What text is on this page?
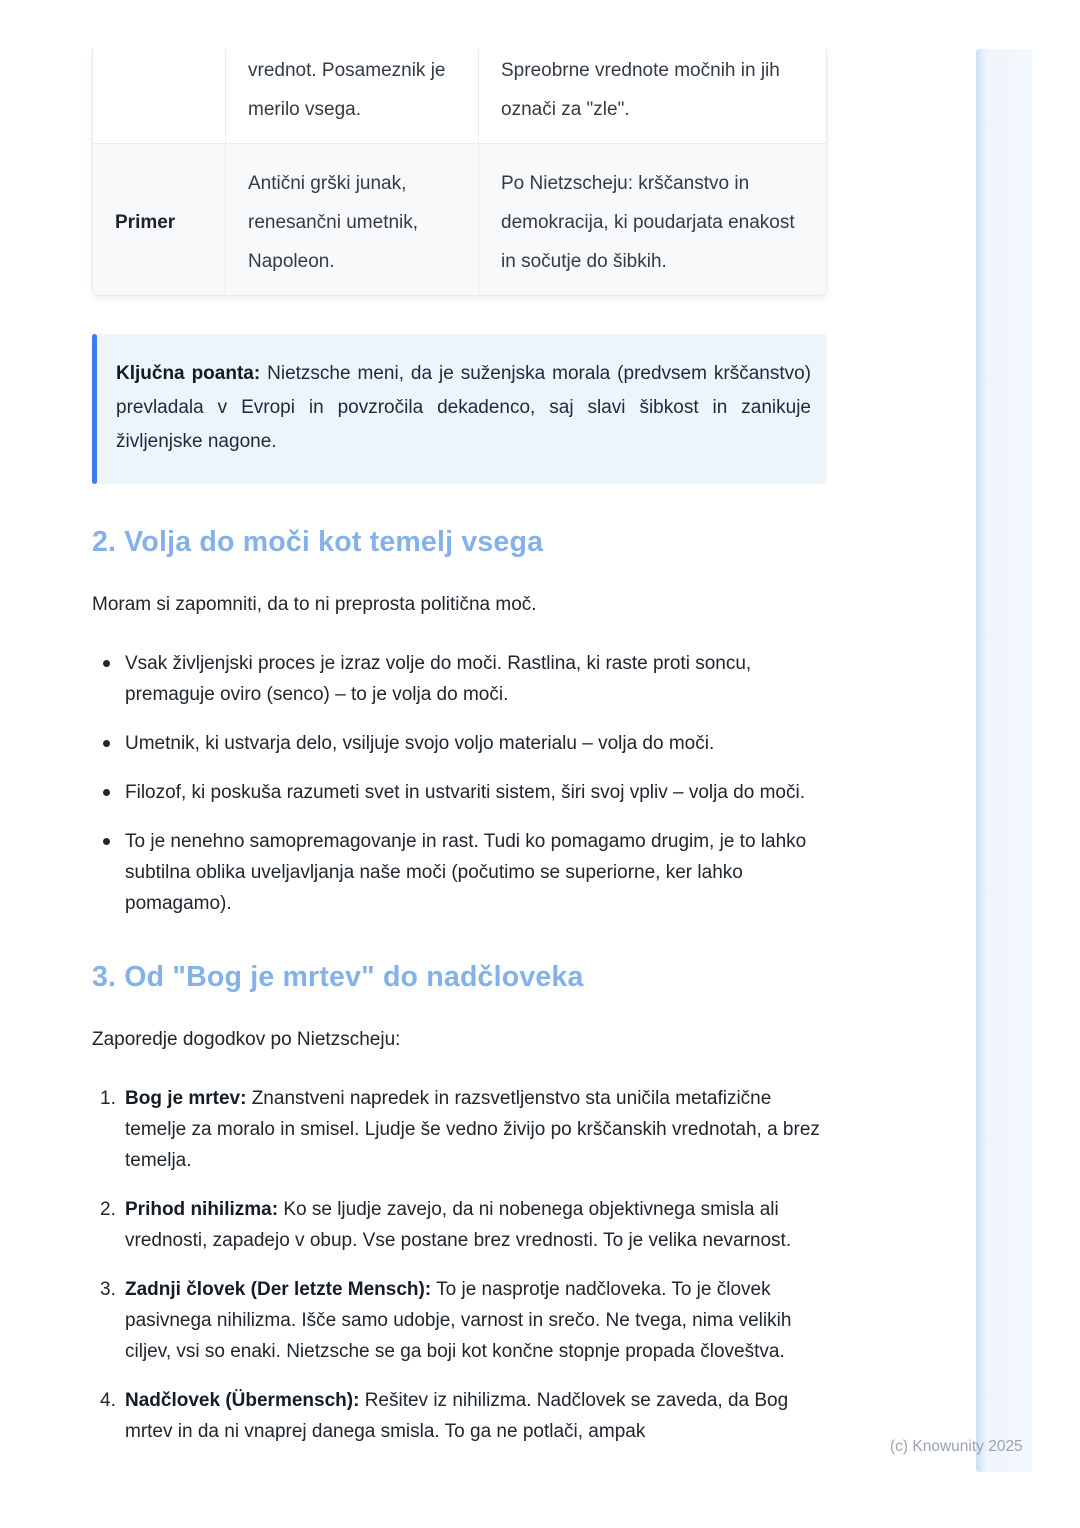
	vrednot. Posameznik je merilo vsega.	Spreobrne vrednote močnih in jih označi za "zle".
Primer	Antični grški junak, renesančni umetnik, Napoleon.	Po Nietzscheju: krščanstvo in demokracija, ki poudarjata enakost in sočutje do šibkih.
Ključna poanta: Nietzsche meni, da je suženjska morala (predvsem krščanstvo) prevladala v Evropi in povzročila dekadenco, saj slavi šibkost in zanikuje življenjske nagone.
2. Volja do moči kot temelj vsega

Moram si zapomniti, da to ni preprosta politična moč.

Vsak življenjski proces je izraz volje do moči. Rastlina, ki raste proti soncu, premaguje oviro (senco) – to je volja do moči.
Umetnik, ki ustvarja delo, vsiljuje svojo voljo materialu – volja do moči.
Filozof, ki poskuša razumeti svet in ustvariti sistem, širi svoj vpliv – volja do moči.
To je nenehno samopremagovanje in rast. Tudi ko pomagamo drugim, je to lahko subtilna oblika uveljavljanja naše moči (počutimo se superiorne, ker lahko pomagamo).
3. Od "Bog je mrtev" do nadčloveka

Zaporedje dogodkov po Nietzscheju:

Bog je mrtev: Znanstveni napredek in razsvetljenstvo sta uničila metafizične temelje za moralo in smisel. Ljudje še vedno živijo po krščanskih vrednotah, a brez temelja.
Prihod nihilizma: Ko se ljudje zavejo, da ni nobenega objektivnega smisla ali vrednosti, zapadejo v obup. Vse postane brez vrednosti. To je velika nevarnost.
Zadnji človek (Der letzte Mensch): To je nasprotje nadčloveka. To je človek pasivnega nihilizma. Išče samo udobje, varnost in srečo. Ne tvega, nima velikih ciljev, vsi so enaki. Nietzsche se ga boji kot končne stopnje propada človeštva.
Nadčlovek (Übermensch): Rešitev iz nihilizma. Nadčlovek se zaveda, da Bog mrtev in da ni vnaprej danega smisla. To ga ne potlači, ampak
(c) Knowunity 2025
